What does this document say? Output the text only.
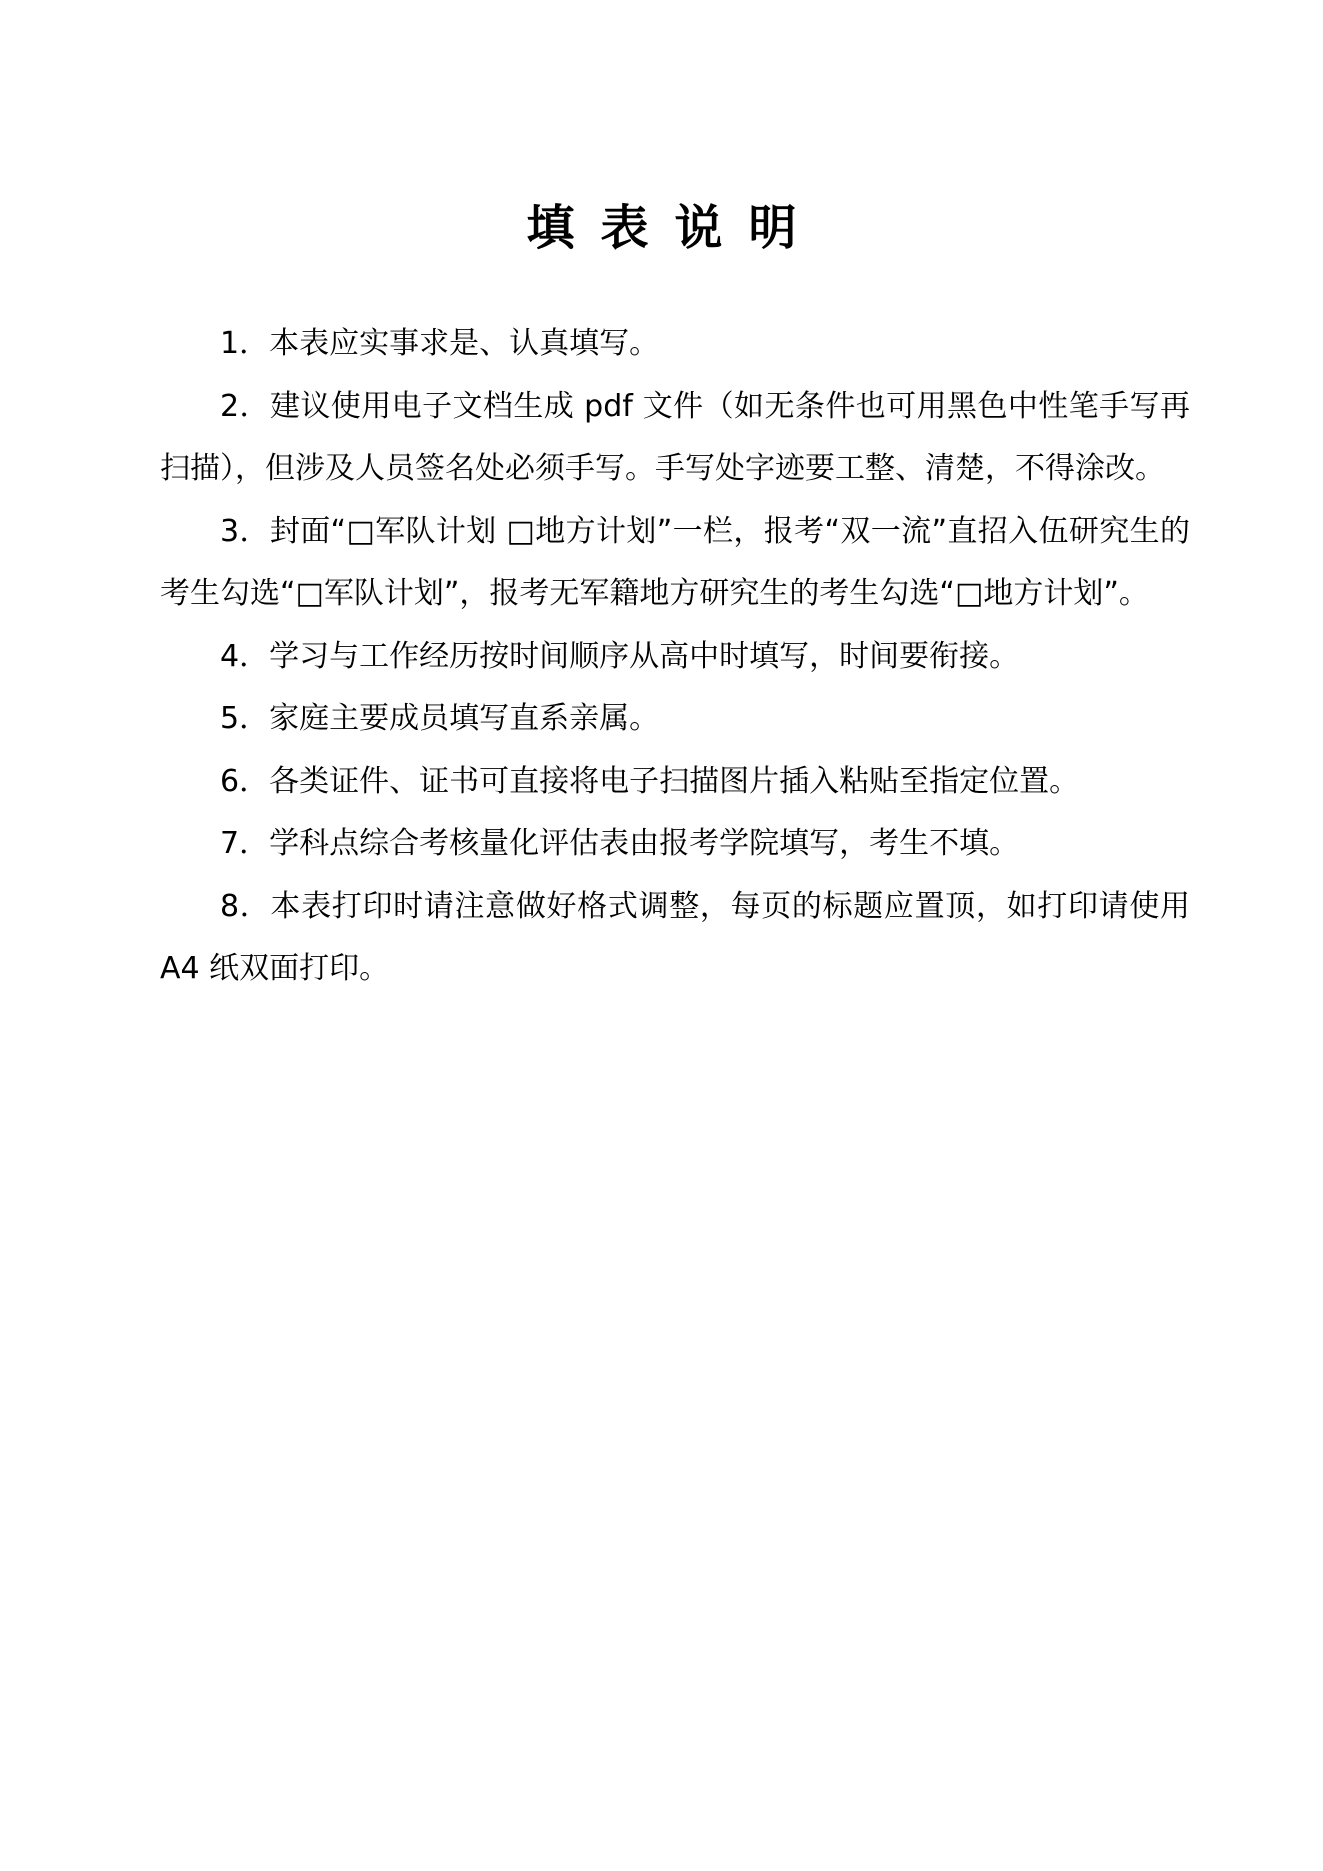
填表说明
1．本表应实事求是、认真填写。
2．建议使用电子文档生成 pdf 文件（如无条件也可用黑色中性笔手写再扫描），但涉及人员签名处必须手写。手写处字迹要工整、清楚，不得涂改。
3．封面“□军队计划 □地方计划”一栏，报考“双一流”直招入伍研究生的考生勾选“□军队计划”，报考无军籍地方研究生的考生勾选“□地方计划”。
4．学习与工作经历按时间顺序从高中时填写，时间要衔接。
5．家庭主要成员填写直系亲属。
6．各类证件、证书可直接将电子扫描图片插入粘贴至指定位置。
7．学科点综合考核量化评估表由报考学院填写，考生不填。
8．本表打印时请注意做好格式调整，每页的标题应置顶，如打印请使用 A4 纸双面打印。
